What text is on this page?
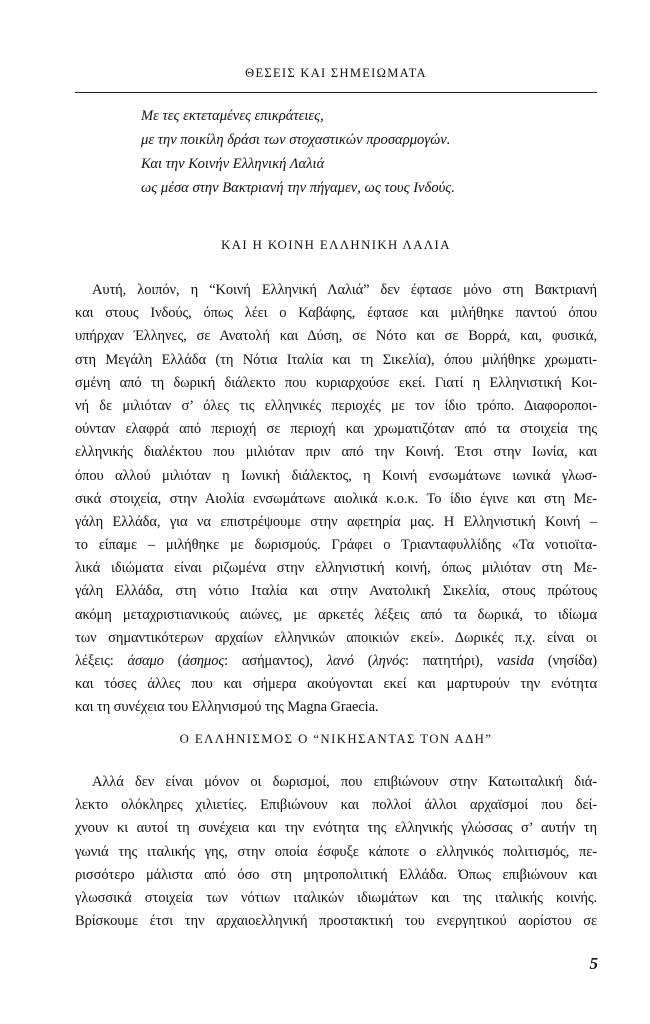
ΘΕΣΕΙΣ ΚΑΙ ΣΗΜΕΙΩΜΑΤΑ
Με τες εκτεταμένες επικράτειες,
με την ποικίλη δράσι των στοχαστικών προσαρμογών.
Και την Κοινήν Ελληνική Λαλιά
ως μέσα στην Βακτριανή την πήγαμεν, ως τους Ινδούς.
ΚΑΙ Η ΚΟΙΝΗ ΕΛΛΗΝΙΚΗ ΛΑΛΙΑ
Αυτή, λοιπόν, η “Κοινή Ελληνική Λαλιά” δεν έφτασε μόνο στη Βακτριανή
και στους Ινδούς, όπως λέει ο Καβάφης, έφτασε και μιλήθηκε παντού όπου
υπήρχαν Έλληνες, σε Ανατολή και Δύση, σε Νότο και σε Βορρά, και, φυσικά,
στη Μεγάλη Ελλάδα (τη Νότια Ιταλία και τη Σικελία), όπου μιλήθηκε χρωματι-
σμένη από τη δωρική διάλεκτο που κυριαρχούσε εκεί. Γιατί η Ελληνιστική Κοι-
νή δε μιλιόταν σ’ όλες τις ελληνικές περιοχές με τον ίδιο τρόπο. Διαφοροποι-
ούνταν ελαφρά από περιοχή σε περιοχή και χρωματιζόταν από τα στοιχεία της
ελληνικής διαλέκτου που μιλιόταν πριν από την Κοινή. Έτσι στην Ιωνία, και
όπου αλλού μιλιόταν η Ιωνική διάλεκτος, η Κοινή ενσωμάτωνε ιωνικά γλωσ-
σικά στοιχεία, στην Αιολία ενσωμάτωνε αιολικά κ.ο.κ. Το ίδιο έγινε και στη Με-
γάλη Ελλάδα, για να επιστρέψουμε στην αφετηρία μας. Η Ελληνιστική Κοινή –
το είπαμε – μιλήθηκε με δωρισμούς. Γράφει ο Τριανταφυλλίδης «Τα νοτιοϊτα-
λικά ιδιώματα είναι ριζωμένα στην ελληνιστική κοινή, όπως μιλιόταν στη Με-
γάλη Ελλάδα, στη νότιο Ιταλία και στην Ανατολική Σικελία, στους πρώτους
ακόμη μεταχριστιανικούς αιώνες, με αρκετές λέξεις από τα δωρικά, το ιδίωμα
των σημαντικότερων αρχαίων ελληνικών αποικιών εκεί». Δωρικές π.χ. είναι οι
λέξεις: άσαμο (άσημος: ασήμαντος), λανό (ληνός: πατητήρι), vasida (νησίδα)
και τόσες άλλες που και σήμερα ακούγονται εκεί και μαρτυρούν την ενότητα
και τη συνέχεια του Ελληνισμού της Magna Graecia.
Ο ΕΛΛΗΝΙΣΜΟΣ Ο “ΝΙΚΗΣΑΝΤΑΣ ΤΟΝ ΑΔΗ”
Αλλά δεν είναι μόνον οι δωρισμοί, που επιβιώνουν στην Κατωιταλική διά-
λεκτο ολόκληρες χιλιετίες. Επιβιώνουν και πολλοί άλλοι αρχαϊσμοί που δεί-
χνουν κι αυτοί τη συνέχεια και την ενότητα της ελληνικής γλώσσας σ’ αυτήν τη
γωνιά της ιταλικής γης, στην οποία έσφυξε κάποτε ο ελληνικός πολιτισμός, πε-
ρισσότερο μάλιστα από όσο στη μητροπολιτική Ελλάδα. Όπως επιβιώνουν και
γλωσσικά στοιχεία των νότιων ιταλικών ιδιωμάτων και της ιταλικής κοινής.
Βρίσκουμε έτσι την αρχαιοελληνική προστακτική του ενεργητικού αορίστου σε
5
